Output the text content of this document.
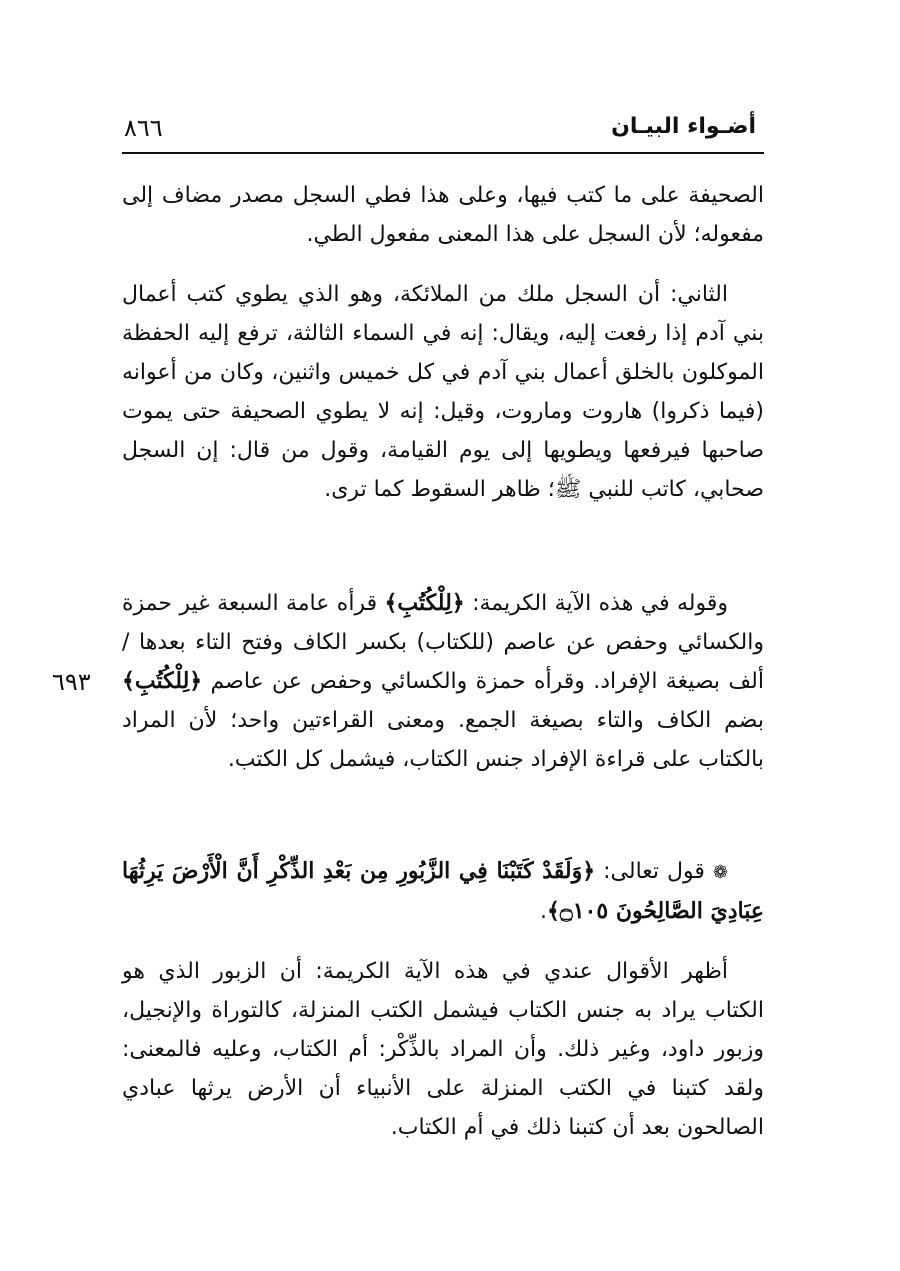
أضـواء البيـان
٨٦٦
٦٩٣
الصحيفة على ما كتب فيها، وعلى هذا فطي السجل مصدر مضاف إلى مفعوله؛ لأن السجل على هذا المعنى مفعول الطي.
الثاني: أن السجل ملك من الملائكة، وهو الذي يطوي كتب أعمال بني آدم إذا رفعت إليه، ويقال: إنه في السماء الثالثة، ترفع إليه الحفظة الموكلون بالخلق أعمال بني آدم في كل خميس واثنين، وكان من أعوانه (فيما ذكروا) هاروت وماروت، وقيل: إنه لا يطوي الصحيفة حتى يموت صاحبها فيرفعها ويطويها إلى يوم القيامة، وقول من قال: إن السجل صحابي، كاتب للنبي ﷺ؛ ظاهر السقوط كما ترى.
وقوله في هذه الآية الكريمة: ﴿لِلْكُتُبِ﴾ قرأه عامة السبعة غير حمزة والكسائي وحفص عن عاصم (للكتاب) بكسر الكاف وفتح التاء بعدها / ألف بصيغة الإفراد. وقرأه حمزة والكسائي وحفص عن عاصم ﴿لِلْكُتُبِ﴾ بضم الكاف والتاء بصيغة الجمع. ومعنى القراءتين واحد؛ لأن المراد بالكتاب على قراءة الإفراد جنس الكتاب، فيشمل كل الكتب.
❁ قول تعالى: ﴿وَلَقَدْ كَتَبْنَا فِي الزَّبُورِ مِن بَعْدِ الذِّكْرِ أَنَّ الْأَرْضَ يَرِثُهَا عِبَادِيَ الصَّالِحُونَ ۝١٠٥﴾.
أظهر الأقوال عندي في هذه الآية الكريمة: أن الزبور الذي هو الكتاب يراد به جنس الكتاب فيشمل الكتب المنزلة، كالتوراة والإنجيل، وزبور داود، وغير ذلك. وأن المراد بالذِّكْر: أم الكتاب، وعليه فالمعنى: ولقد كتبنا في الكتب المنزلة على الأنبياء أن الأرض يرثها عبادي الصالحون بعد أن كتبنا ذلك في أم الكتاب.
